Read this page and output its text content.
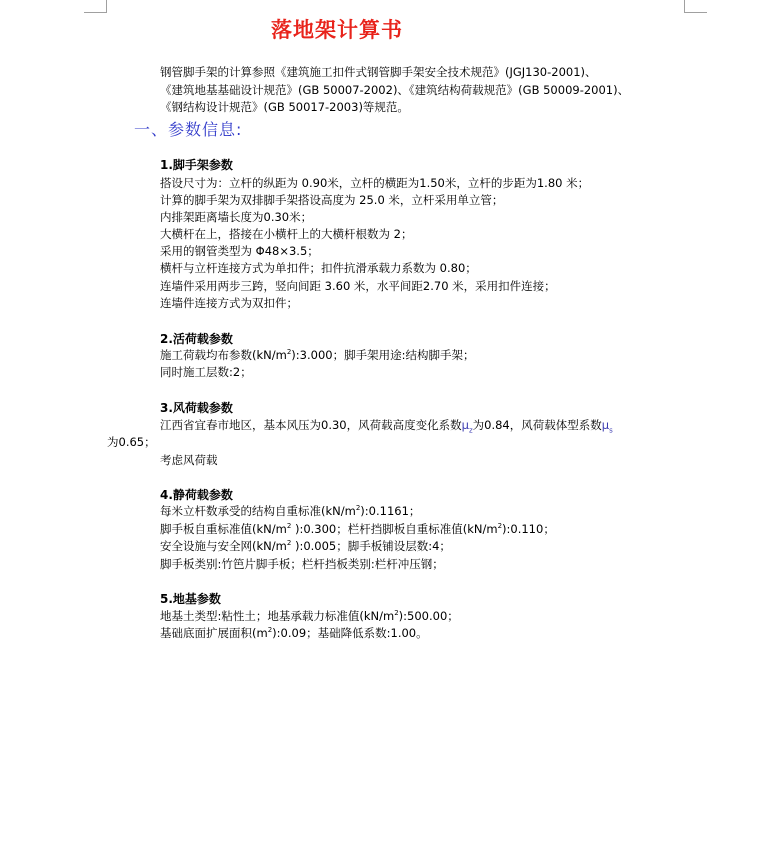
落地架计算书
钢管脚手架的计算参照《建筑施工扣件式钢管脚手架安全技术规范》(JGJ130-2001)、
《建筑地基基础设计规范》(GB 50007-2002)、《建筑结构荷载规范》(GB 50009-2001)、
《钢结构设计规范》(GB 50017-2003)等规范。
一、参数信息:
1.脚手架参数
搭设尺寸为：立杆的纵距为 0.90米，立杆的横距为1.50米，立杆的步距为1.80 米；
计算的脚手架为双排脚手架搭设高度为 25.0 米，立杆采用单立管；
内排架距离墙长度为0.30米；
大横杆在上，搭接在小横杆上的大横杆根数为 2；
采用的钢管类型为 Φ48×3.5；
横杆与立杆连接方式为单扣件；扣件抗滑承载力系数为 0.80；
连墙件采用两步三跨，竖向间距 3.60 米，水平间距2.70 米，采用扣件连接；
连墙件连接方式为双扣件；
2.活荷载参数
施工荷载均布参数$(kN/m^2):3.000$；脚手架用途:结构脚手架；
同时施工层数:2；
3.风荷载参数
江西省宜春市地区，基本风压为0.30，风荷载高度变化系数$\mu_z$为0.84，风荷载体型系数$\mu_s$
为0.65；
考虑风荷载
4.静荷载参数
每米立杆数承受的结构自重标准$(kN/m^2):0.1161$；
脚手板自重标准值($kN/m^2$ ):0.300；栏杆挡脚板自重标准值$(kN/m^2):0.110$；
安全设施与安全网($kN/m^2$ ):0.005；脚手板铺设层数:4；
脚手板类别:竹笆片脚手板；栏杆挡板类别:栏杆冲压钢；
5.地基参数
地基土类型:粘性土；地基承载力标准值$(kN/m^2):500.00$；
基础底面扩展面积$(m^2):0.09$；基础降低系数:1.00。
